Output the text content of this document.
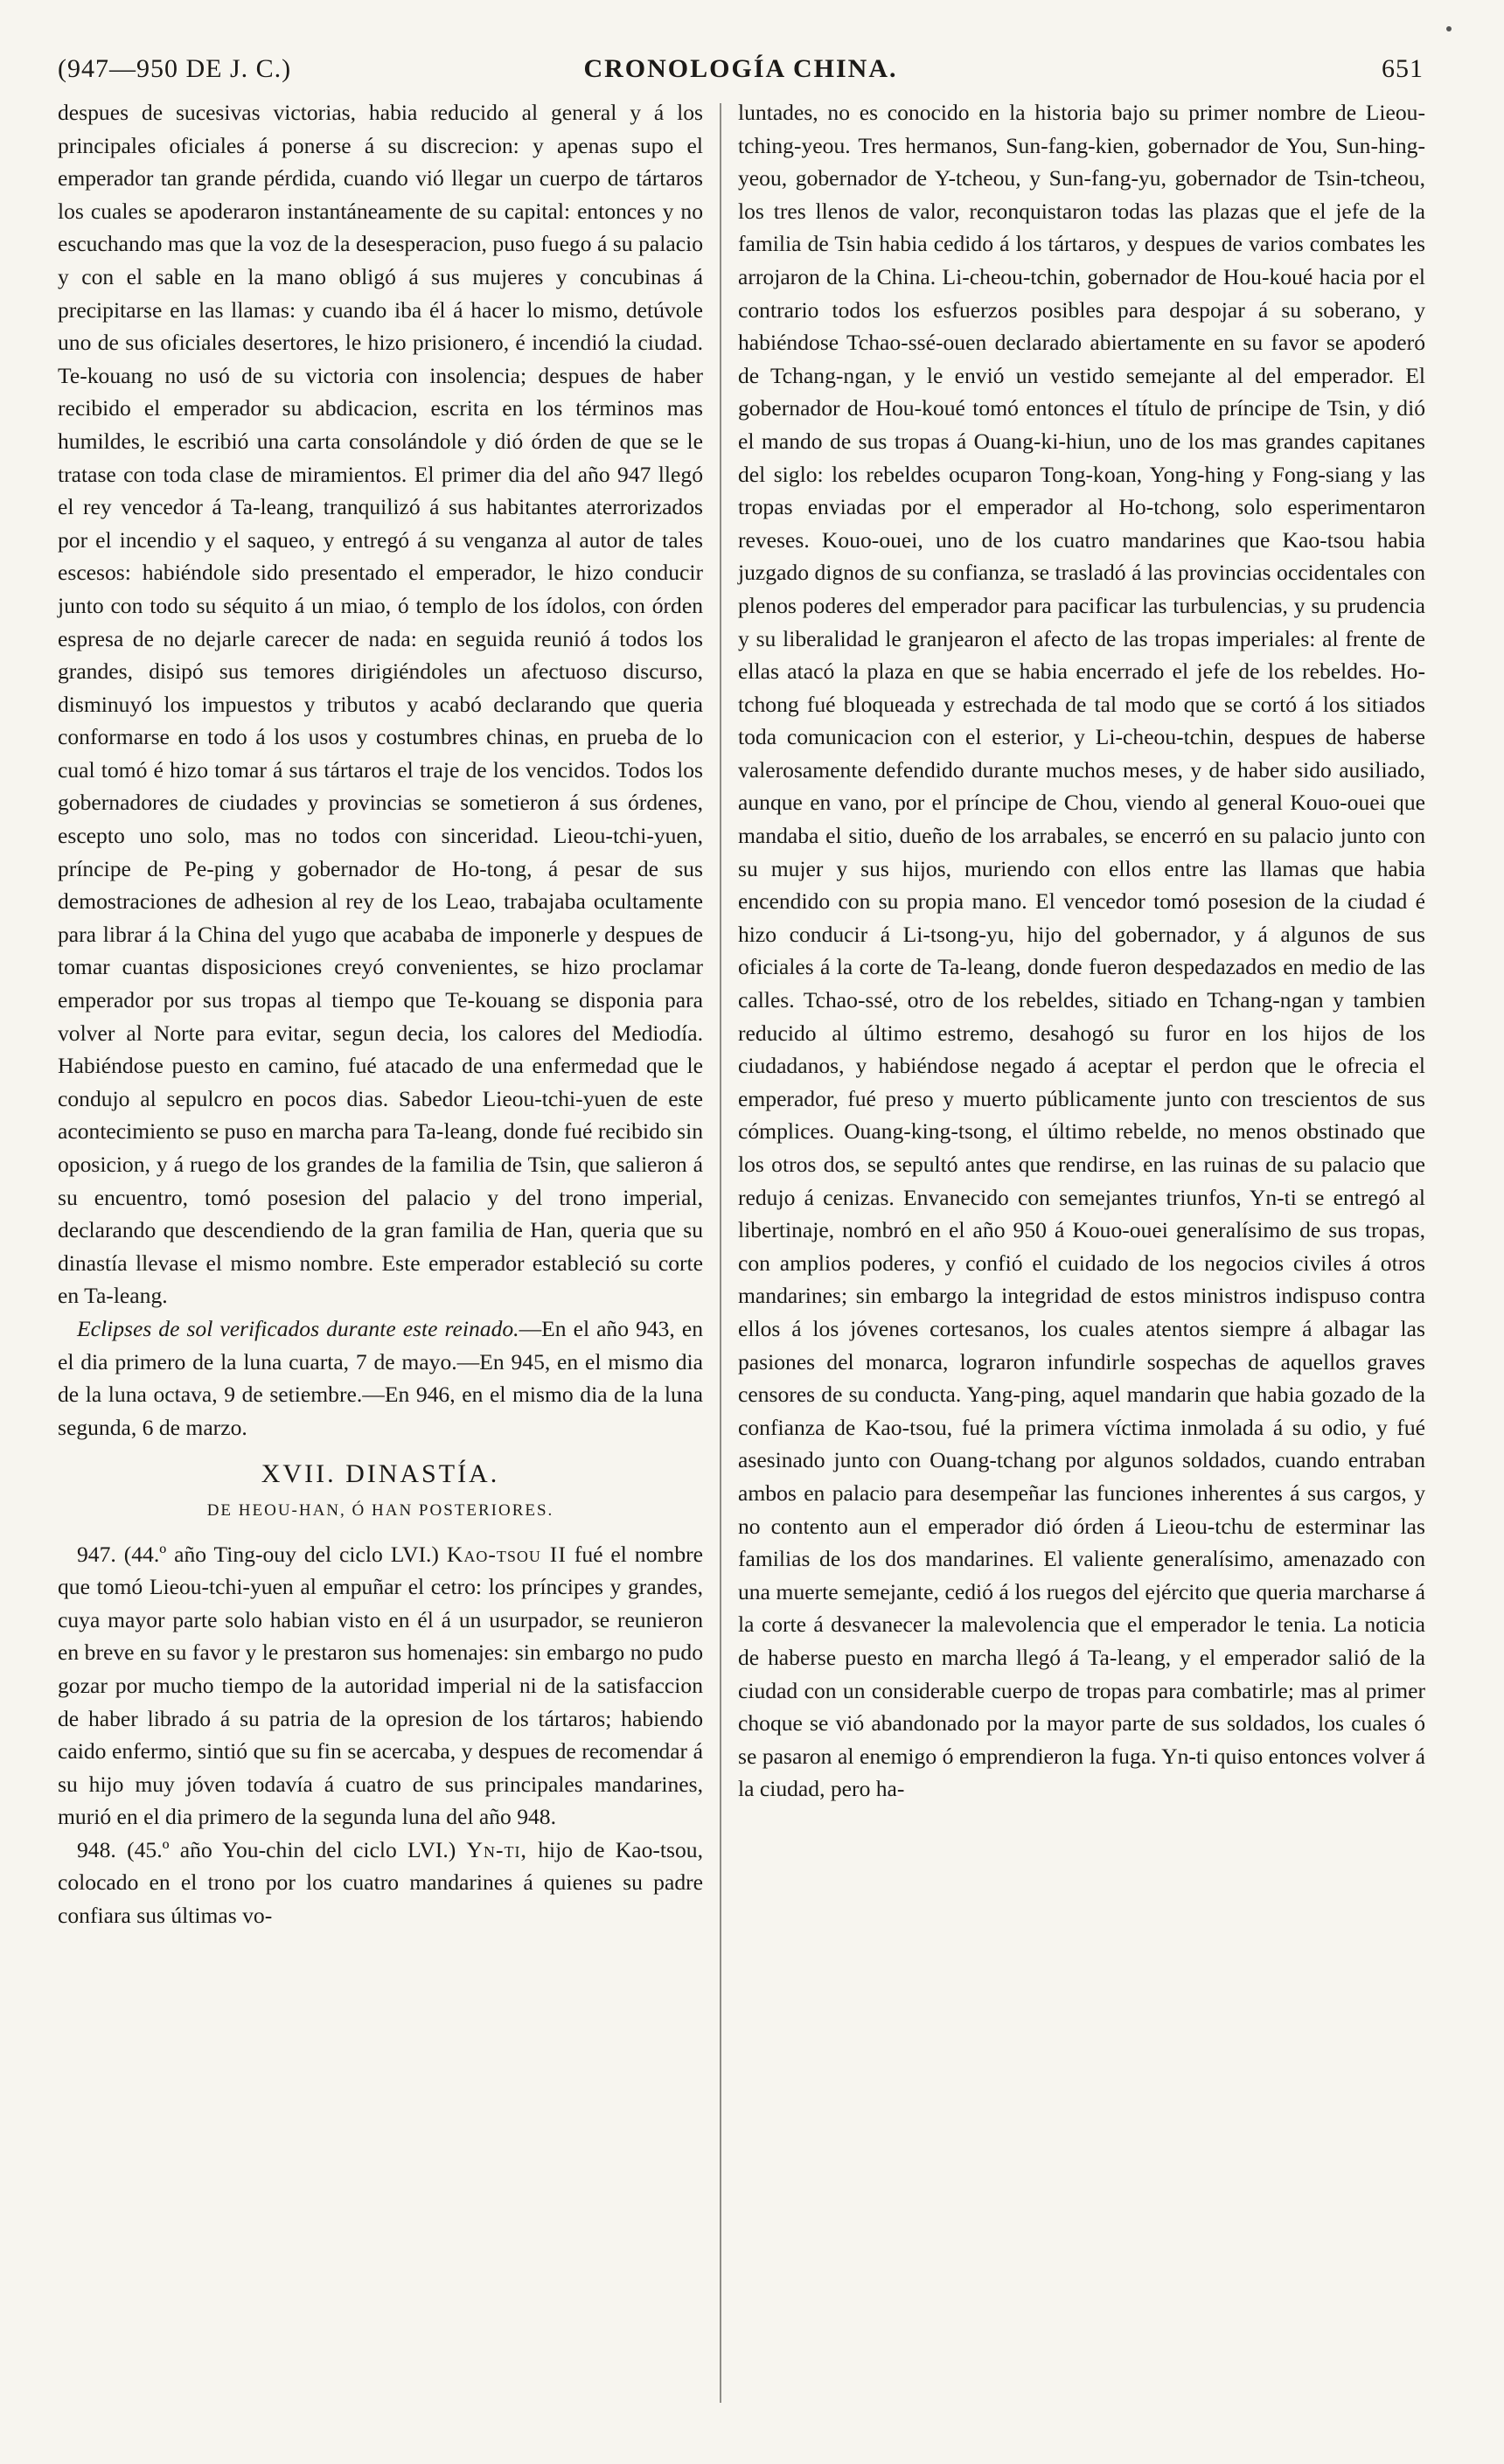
(947—950 DE J. C.)	CRONOLOGÍA CHINA.	651

despues de sucesivas victorias, habia reducido al general y á los principales oficiales á ponerse á su discrecion: y apenas supo el emperador tan grande pérdida, cuando vió llegar un cuerpo de tártaros los cuales se apoderaron instantáneamente de su capital: entonces y no escuchando mas que la voz de la desesperacion, puso fuego á su palacio y con el sable en la mano obligó á sus mujeres y concubinas á precipitarse en las llamas: y cuando iba él á hacer lo mismo, detúvole uno de sus oficiales desertores, le hizo prisionero, é incendió la ciudad. Te-kouang no usó de su victoria con insolencia; despues de haber recibido el emperador su abdicacion, escrita en los términos mas humildes, le escribió una carta consolándole y dió órden de que se le tratase con toda clase de miramientos. El primer dia del año 947 llegó el rey vencedor á Ta-leang, tranquilizó á sus habitantes aterrorizados por el incendio y el saqueo, y entregó á su venganza al autor de tales escesos: habiéndole sido presentado el emperador, le hizo conducir junto con todo su séquito á un miao, ó templo de los ídolos, con órden espresa de no dejarle carecer de nada: en seguida reunió á todos los grandes, disipó sus temores dirigiéndoles un afectuoso discurso, disminuyó los impuestos y tributos y acabó declarando que queria conformarse en todo á los usos y costumbres chinas, en prueba de lo cual tomó é hizo tomar á sus tártaros el traje de los vencidos. Todos los gobernadores de ciudades y provincias se sometieron á sus órdenes, escepto uno solo, mas no todos con sinceridad. Lieou-tchi-yuen, príncipe de Pe-ping y gobernador de Ho-tong, á pesar de sus demostraciones de adhesion al rey de los Leao, trabajaba ocultamente para librar á la China del yugo que acababa de imponerle y despues de tomar cuantas disposiciones creyó convenientes, se hizo proclamar emperador por sus tropas al tiempo que Te-kouang se disponia para volver al Norte para evitar, segun decia, los calores del Mediodía. Habiéndose puesto en camino, fué atacado de una enfermedad que le condujo al sepulcro en pocos dias. Sabedor Lieou-tchi-yuen de este acontecimiento se puso en marcha para Ta-leang, donde fué recibido sin oposicion, y á ruego de los grandes de la familia de Tsin, que salieron á su encuentro, tomó posesion del palacio y del trono imperial, declarando que descendiendo de la gran familia de Han, queria que su dinastía llevase el mismo nombre. Este emperador estableció su corte en Ta-leang.

Eclipses de sol verificados durante este reinado.—En el año 943, en el dia primero de la luna cuarta, 7 de mayo.—En 945, en el mismo dia de la luna octava, 9 de setiembre.—En 946, en el mismo dia de la luna segunda, 6 de marzo.

XVII. DINASTÍA.
DE HEOU-HAN, Ó HAN POSTERIORES.

947. (44.º año Ting-ouy del ciclo LVI.) Kao-tsou II fué el nombre que tomó Lieou-tchi-yuen al empuñar el cetro: los príncipes y grandes, cuya mayor parte solo habian visto en él á un usurpador, se reunieron en breve en su favor y le prestaron sus homenajes: sin embargo no pudo gozar por mucho tiempo de la autoridad imperial ni de la satisfaccion de haber librado á su patria de la opresion de los tártaros; habiendo caido enfermo, sintió que su fin se acercaba, y despues de recomendar á su hijo muy jóven todavía á cuatro de sus principales mandarines, murió en el dia primero de la segunda luna del año 948.

948. (45.º año You-chin del ciclo LVI.) Yn-ti, hijo de Kao-tsou, colocado en el trono por los cuatro mandarines á quienes su padre confiara sus últimas vo-

luntades, no es conocido en la historia bajo su primer nombre de Lieou-tching-yeou. Tres hermanos, Sun-fang-kien, gobernador de You, Sun-hing-yeou, gobernador de Y-tcheou, y Sun-fang-yu, gobernador de Tsin-tcheou, los tres llenos de valor, reconquistaron todas las plazas que el jefe de la familia de Tsin habia cedido á los tártaros, y despues de varios combates les arrojaron de la China. Li-cheou-tchin, gobernador de Hou-koué hacia por el contrario todos los esfuerzos posibles para despojar á su soberano, y habiéndose Tchao-ssé-ouen declarado abiertamente en su favor se apoderó de Tchang-ngan, y le envió un vestido semejante al del emperador. El gobernador de Hou-koué tomó entonces el título de príncipe de Tsin, y dió el mando de sus tropas á Ouang-ki-hiun, uno de los mas grandes capitanes del siglo: los rebeldes ocuparon Tong-koan, Yong-hing y Fong-siang y las tropas enviadas por el emperador al Ho-tchong, solo esperimentaron reveses. Kouo-ouei, uno de los cuatro mandarines que Kao-tsou habia juzgado dignos de su confianza, se trasladó á las provincias occidentales con plenos poderes del emperador para pacificar las turbulencias, y su prudencia y su liberalidad le granjearon el afecto de las tropas imperiales: al frente de ellas atacó la plaza en que se habia encerrado el jefe de los rebeldes. Ho-tchong fué bloqueada y estrechada de tal modo que se cortó á los sitiados toda comunicacion con el esterior, y Li-cheou-tchin, despues de haberse valerosamente defendido durante muchos meses, y de haber sido ausiliado, aunque en vano, por el príncipe de Chou, viendo al general Kouo-ouei que mandaba el sitio, dueño de los arrabales, se encerró en su palacio junto con su mujer y sus hijos, muriendo con ellos entre las llamas que habia encendido con su propia mano. El vencedor tomó posesion de la ciudad é hizo conducir á Li-tsong-yu, hijo del gobernador, y á algunos de sus oficiales á la corte de Ta-leang, donde fueron despedazados en medio de las calles. Tchao-ssé, otro de los rebeldes, sitiado en Tchang-ngan y tambien reducido al último estremo, desahogó su furor en los hijos de los ciudadanos, y habiéndose negado á aceptar el perdon que le ofrecia el emperador, fué preso y muerto públicamente junto con trescientos de sus cómplices. Ouang-king-tsong, el último rebelde, no menos obstinado que los otros dos, se sepultó antes que rendirse, en las ruinas de su palacio que redujo á cenizas. Envanecido con semejantes triunfos, Yn-ti se entregó al libertinaje, nombró en el año 950 á Kouo-ouei generalísimo de sus tropas, con amplios poderes, y confió el cuidado de los negocios civiles á otros mandarines; sin embargo la integridad de estos ministros indispuso contra ellos á los jóvenes cortesanos, los cuales atentos siempre á albagar las pasiones del monarca, lograron infundirle sospechas de aquellos graves censores de su conducta. Yang-ping, aquel mandarin que habia gozado de la confianza de Kao-tsou, fué la primera víctima inmolada á su odio, y fué asesinado junto con Ouang-tchang por algunos soldados, cuando entraban ambos en palacio para desempeñar las funciones inherentes á sus cargos, y no contento aun el emperador dió órden á Lieou-tchu de esterminar las familias de los dos mandarines. El valiente generalísimo, amenazado con una muerte semejante, cedió á los ruegos del ejército que queria marcharse á la corte á desvanecer la malevolencia que el emperador le tenia. La noticia de haberse puesto en marcha llegó á Ta-leang, y el emperador salió de la ciudad con un considerable cuerpo de tropas para combatirle; mas al primer choque se vió abandonado por la mayor parte de sus soldados, los cuales ó se pasaron al enemigo ó emprendieron la fuga. Yn-ti quiso entonces volver á la ciudad, pero ha-
